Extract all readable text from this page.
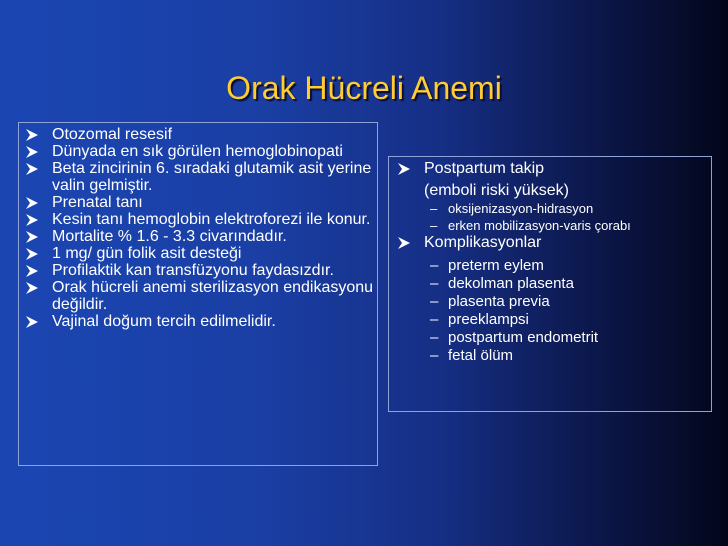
Orak Hücreli Anemi
Otozomal resesif
Dünyada en sık görülen hemoglobinopati
Beta zincirinin 6. sıradaki glutamik asit yerine valin gelmiştir.
Prenatal tanı
Kesin tanı hemoglobin elektroforezi ile konur.
Mortalite % 1.6 - 3.3 civarındadır.
1 mg/ gün folik asit desteği
Profilaktik kan transfüzyonu faydasızdır.
Orak hücreli anemi sterilizasyon endikasyonu değildir.
Vajinal doğum tercih edilmelidir.
Postpartum takip
(emboli riski yüksek)
– oksijenizasyon-hidrasyon
– erken mobilizasyon-varis çorabı
Komplikasyonlar
– preterm eylem
– dekolman plasenta
– plasenta previa
– preeklampsi
– postpartum endometrit
– fetal ölüm
